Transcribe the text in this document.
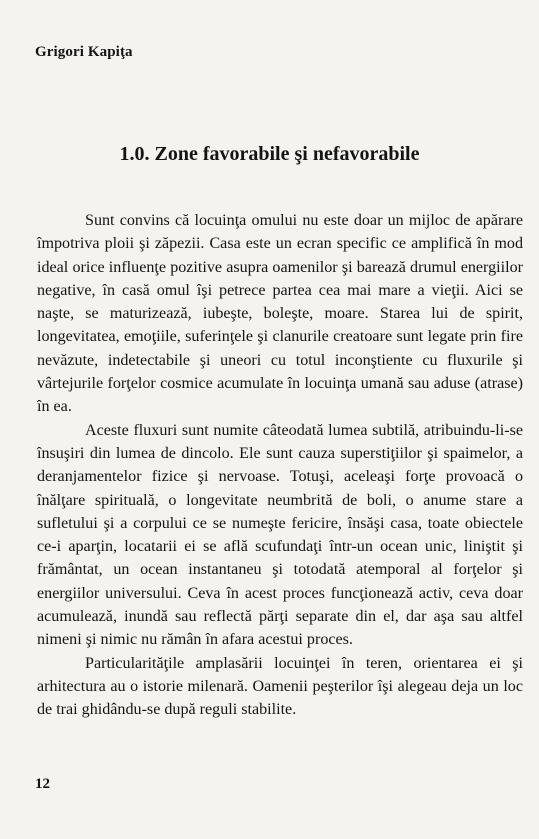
Grigori Kapiţa
1.0. Zone favorabile şi nefavorabile

Sunt convins că locuinţa omului nu este doar un mijloc de apărare împotriva ploii şi zăpezii. Casa este un ecran specific ce amplifică în mod ideal orice influenţe pozitive asupra oamenilor şi barează drumul energiilor negative, în casă omul îşi petrece partea cea mai mare a vieţii. Aici se naşte, se maturizează, iubeşte, boleşte, moare. Starea lui de spirit, longevitatea, emoţiile, suferinţele şi clanurile creatoare sunt legate prin fire nevăzute, indetectabile şi uneori cu totul inconştiente cu fluxurile şi vârtejurile forţelor cosmice acumulate în locuinţa umană sau aduse (atrase) în ea.

Aceste fluxuri sunt numite câteodată lumea subtilă, atribuindu-li-se însuşiri din lumea de dincolo. Ele sunt cauza superstiţiilor şi spaimelor, a deranjamentelor fizice şi nervoase. Totuşi, aceleaşi forţe provoacă o înălţare spirituală, o longevitate neumbrită de boli, o anume stare a sufletului şi a corpului ce se numeşte fericire, însăşi casa, toate obiectele ce-i aparţin, locatarii ei se află scufundaţi într-un ocean unic, liniştit şi frământat, un ocean instantaneu şi totodată atemporal al forţelor şi energiilor universului. Ceva în acest proces funcţionează activ, ceva doar acumulează, inundă sau reflectă părţi separate din el, dar aşa sau altfel nimeni şi nimic nu rămân în afara acestui proces.

Particularităţile amplasării locuinţei în teren, orientarea ei şi arhitectura au o istorie milenară. Oamenii peşterilor îşi alegeau deja un loc de trai ghidându-se după reguli stabilite.

12
